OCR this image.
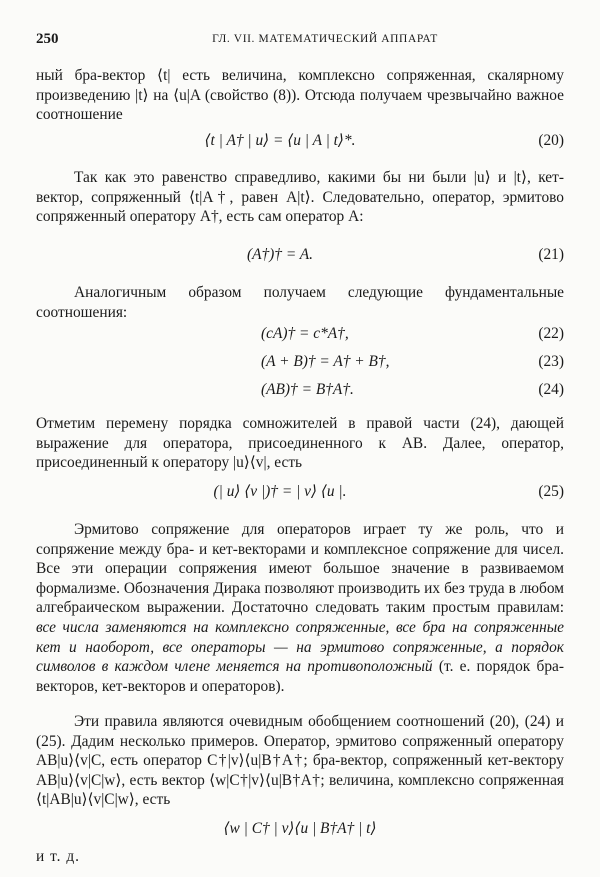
250	ГЛ. VII. МАТЕМАТИЧЕСКИЙ АППАРАТ
ный бра-вектор ⟨t| есть величина, комплексно сопряженная, скалярному произведению |t⟩ на ⟨u|A (свойство (8)). Отсюда получаем чрезвычайно важное соотношение
⟨t | A† | u⟩ = ⟨u | A | t⟩*.	(20)
Так как это равенство справедливо, какими бы ни были |u⟩ и |t⟩, кет-вектор, сопряженный ⟨t|A†, равен A|t⟩. Следовательно, оператор, эрмитово сопряженный оператору A†, есть сам оператор A:
(A†)† = A.	(21)
Аналогичным образом получаем следующие фундаментальные соотношения:
(cA)† = c*A†,	(22)
(A + B)† = A† + B†,	(23)
(AB)† = B†A†.	(24)
Отметим перемену порядка сомножителей в правой части (24), дающей выражение для оператора, присоединенного к AB. Далее, оператор, присоединенный к оператору |u⟩⟨v|, есть
(| u⟩ ⟨v |)† = | v⟩ ⟨u |.	(25)
Эрмитово сопряжение для операторов играет ту же роль, что и сопряжение между бра- и кет-векторами и комплексное сопряжение для чисел. Все эти операции сопряжения имеют большое значение в развиваемом формализме. Обозначения Дирака позволяют производить их без труда в любом алгебраическом выражении. Достаточно следовать таким простым правилам: все числа заменяются на комплексно сопряженные, все бра на сопряженные кет и наоборот, все операторы — на эрмитово сопряженные, а порядок символов в каждом члене меняется на противоположный (т. е. порядок бра-векторов, кет-векторов и операторов).
Эти правила являются очевидным обобщением соотношений (20), (24) и (25). Дадим несколько примеров. Оператор, эрмитово сопряженный оператору AB|u⟩⟨v|C, есть оператор C†|v⟩⟨u|B†A†; бра-вектор, сопряженный кет-вектору AB|u⟩⟨v|C|w⟩, есть вектор ⟨w|C†|v⟩⟨u|B†A†; величина, комплексно сопряженная ⟨t|AB|u⟩⟨v|C|w⟩, есть
⟨w | C† | v⟩⟨u | B†A† | t⟩
и т. д.
